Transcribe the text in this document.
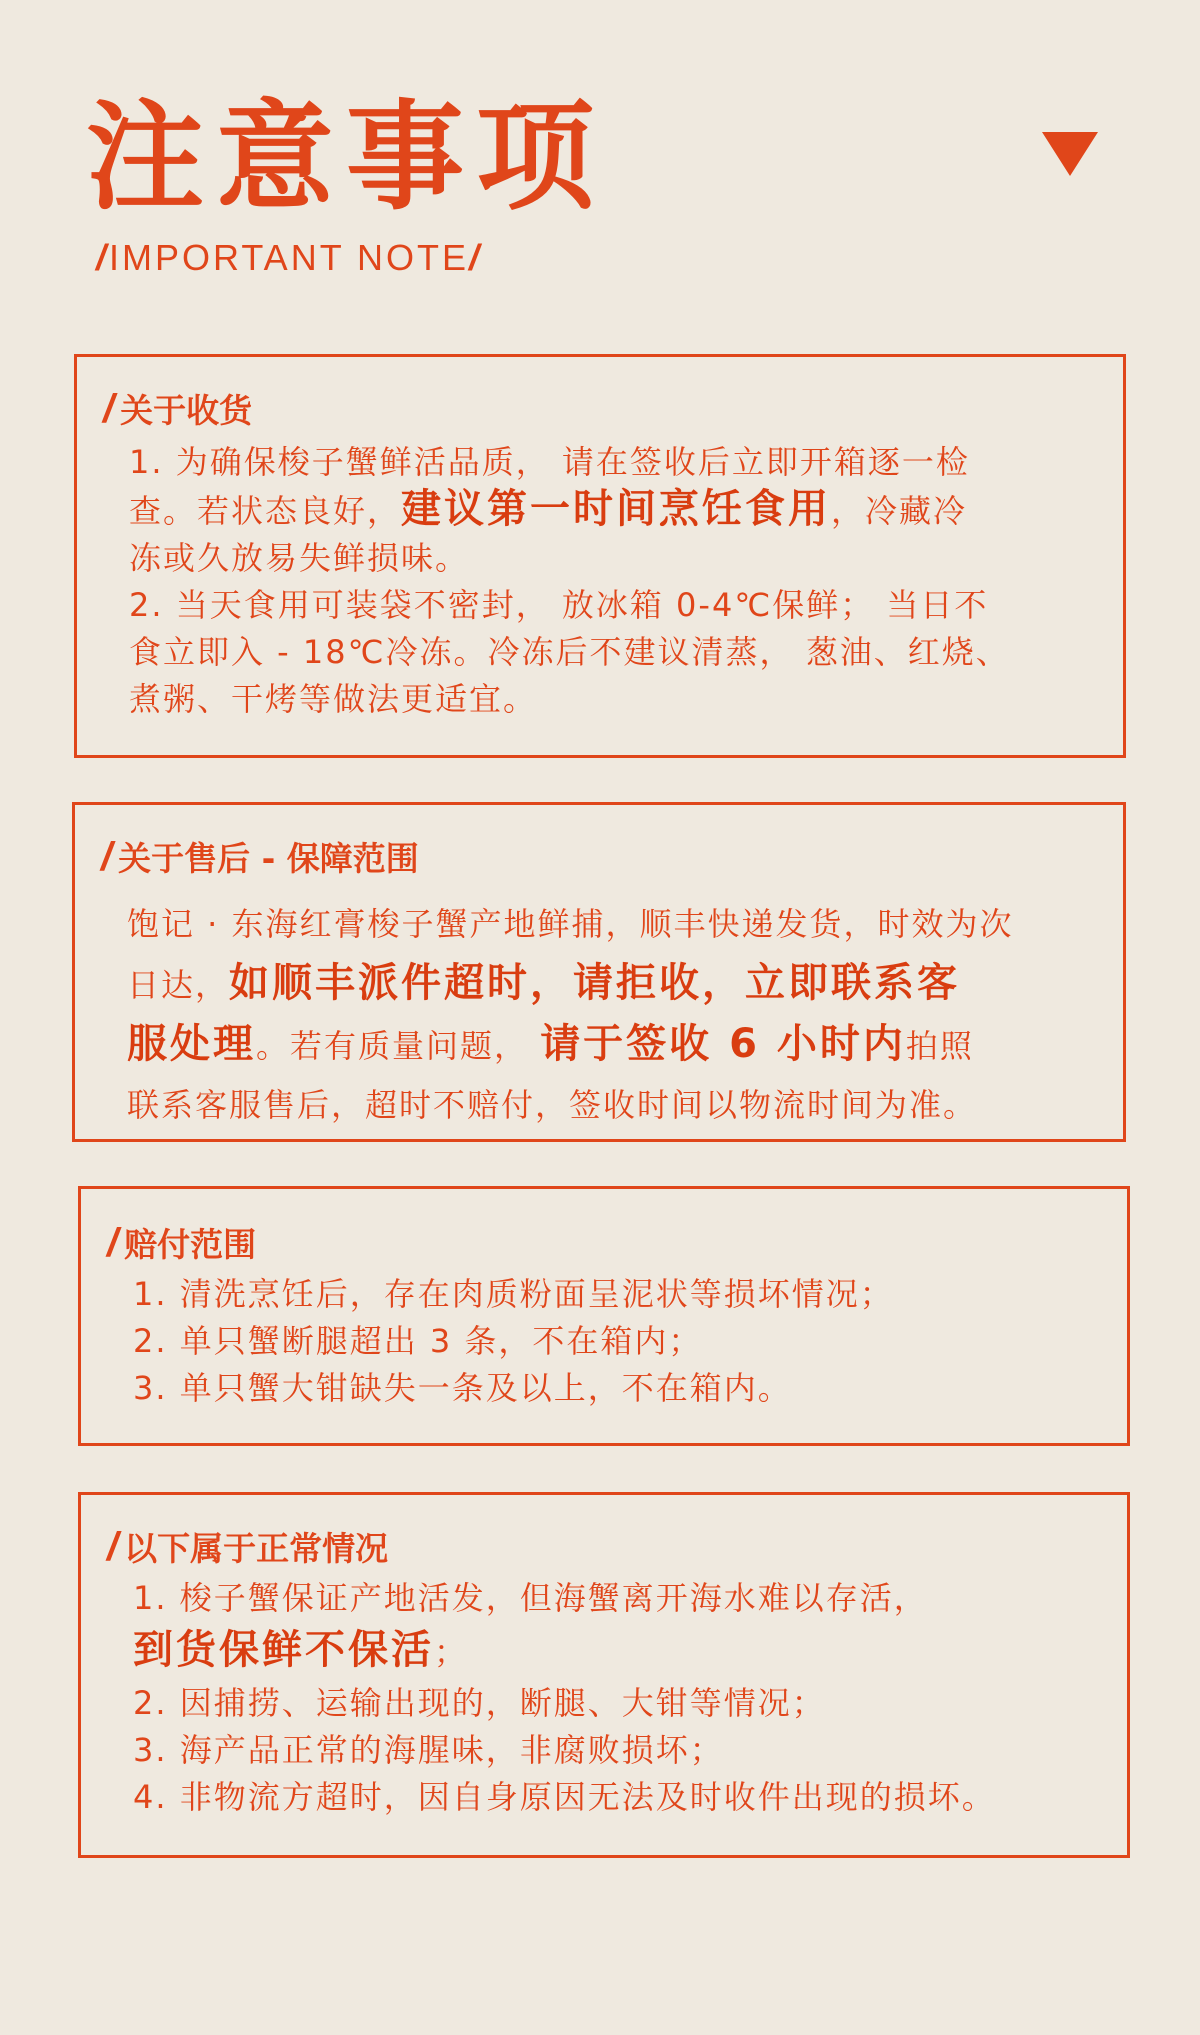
注意事项
/IMPORTANT NOTE/
/ 关于收货

1. 为确保梭子蟹鲜活品质， 请在签收后立即开箱逐一检

查。若状态良好，建议第一时间烹饪食用，冷藏冷

冻或久放易失鲜损味。

2. 当天食用可装袋不密封， 放冰箱 0-4℃保鲜； 当日不

食立即入 - 18℃冷冻。冷冻后不建议清蒸， 葱油、红烧、

煮粥、干烤等做法更适宜。

/ 关于售后 - 保障范围

饱记 · 东海红膏梭子蟹产地鲜捕，顺丰快递发货，时效为次

日达，如顺丰派件超时，请拒收，立即联系客

服处理。若有质量问题， 请于签收 6 小时内拍照

联系客服售后，超时不赔付，签收时间以物流时间为准。

/ 赔付范围

1. 清洗烹饪后，存在肉质粉面呈泥状等损坏情况；

2. 单只蟹断腿超出 3 条，不在箱内；

3. 单只蟹大钳缺失一条及以上，不在箱内。

/ 以下属于正常情况

1. 梭子蟹保证产地活发，但海蟹离开海水难以存活，

到货保鲜不保活；

2. 因捕捞、运输出现的，断腿、大钳等情况；

3. 海产品正常的海腥味，非腐败损坏；

4. 非物流方超时，因自身原因无法及时收件出现的损坏。
